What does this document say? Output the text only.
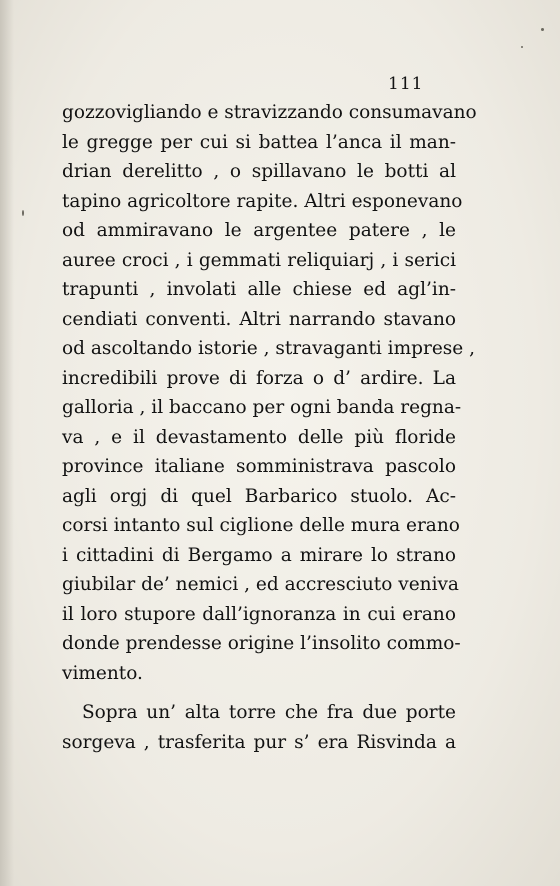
111
gozzovigliando e stravizzando consumavano
le gregge per cui si battea l’anca il man-
drian derelitto , o spillavano le botti al
tapino agricoltore rapite. Altri esponevano
od ammiravano le argentee patere , le
auree croci , i gemmati reliquiarj , i serici
trapunti , involati alle chiese ed agl’in-
cendiati conventi. Altri narrando stavano
od ascoltando istorie , stravaganti imprese ,
incredibili prove di forza o d’ ardire. La
galloria , il baccano per ogni banda regna-
va , e il devastamento delle più floride
province italiane somministrava pascolo
agli orgj di quel Barbarico stuolo. Ac-
corsi intanto sul ciglione delle mura erano
i cittadini di Bergamo a mirare lo strano
giubilar de’ nemici , ed accresciuto veniva
il loro stupore dall’ignoranza in cui erano
donde prendesse origine l’insolito commo-
vimento.
Sopra un’ alta torre che fra due porte
sorgeva , trasferita pur s’ era Risvinda a
